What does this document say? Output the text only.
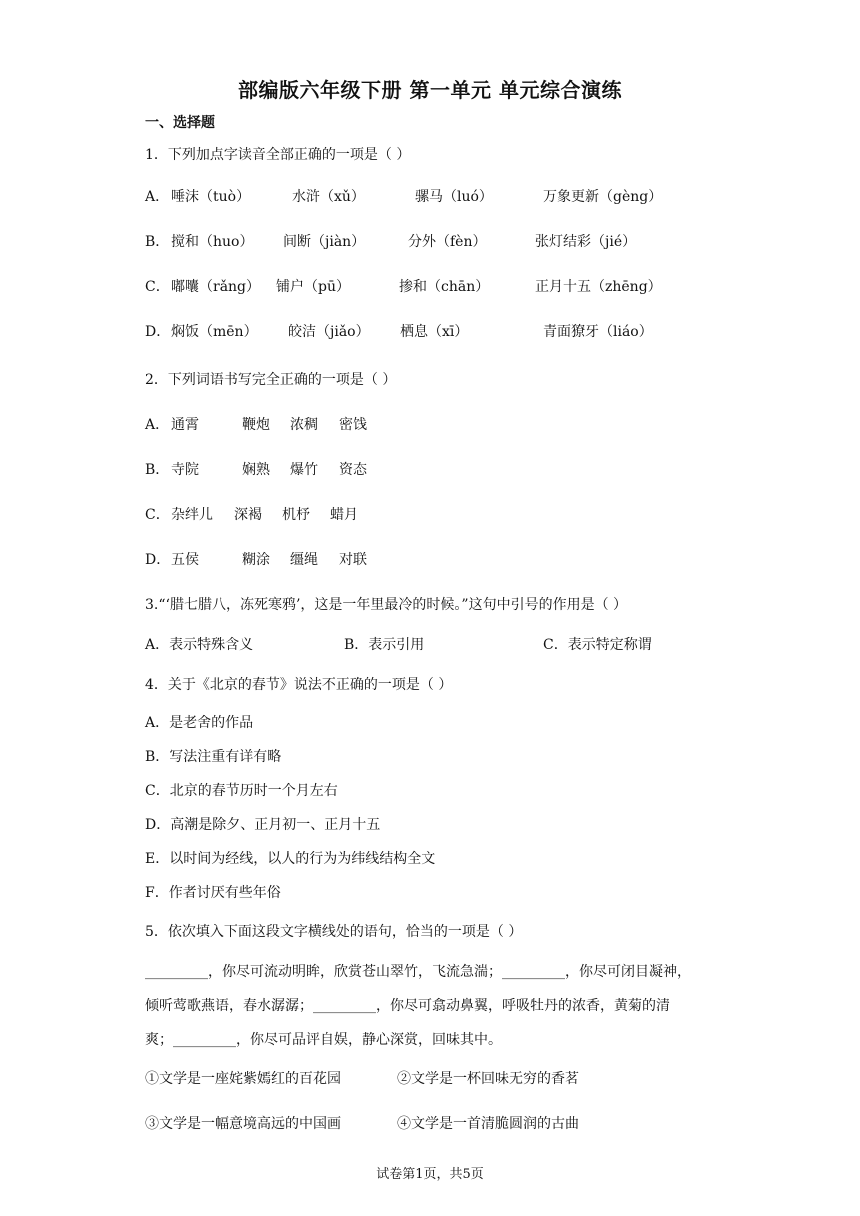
部编版六年级下册 第一单元 单元综合演练
一、选择题
1．下列加点字读音全部正确的一项是（ ）
A． 唾沫（tuò）	水浒（xǔ）	骡马（luó）	万象更新（gèng）
B． 搅和（huo） 间断（jiàn）	分外（fèn）	张灯结彩（jié）
C． 嘟囔（rǎng） 铺户（pū）	掺和（chān）	正月十五（zhēng）
D． 焖饭（mēn） 皎洁（jiǎo） 栖息（xī）	青面獠牙（liáo）
2．下列词语书写完全正确的一项是（ ）
A． 通霄	鞭炮 浓稠 密饯
B． 寺院	娴熟 爆竹 资态
C． 杂绊儿 深褐 机杼 蜡月
D． 五侯	糊涂 缰绳 对联
3.“‘腊七腊八，冻死寒鸦’，这是一年里最冷的时候。”这句中引号的作用是（ ）
A．表示特殊含义	B．表示引用	C．表示特定称谓
4．关于《北京的春节》说法不正确的一项是（ ）
A．是老舍的作品
B．写法注重有详有略
C．北京的春节历时一个月左右
D．高潮是除夕、正月初一、正月十五
E．以时间为经线，以人的行为为纬线结构全文
F．作者讨厌有些年俗
5．依次填入下面这段文字横线处的语句，恰当的一项是（ ）
_________，你尽可流动明眸，欣赏苍山翠竹，飞流急湍；_________，你尽可闭目凝神，
倾听莺歌燕语，春水潺潺；_________，你尽可翕动鼻翼，呼吸牡丹的浓香，黄菊的清
爽；_________，你尽可品评自娱，静心深赏，回味其中。
①文学是一座姹紫嫣红的百花园	②文学是一杯回味无穷的香茗
③文学是一幅意境高远的中国画	④文学是一首清脆圆润的古曲
试卷第1页，共5页
